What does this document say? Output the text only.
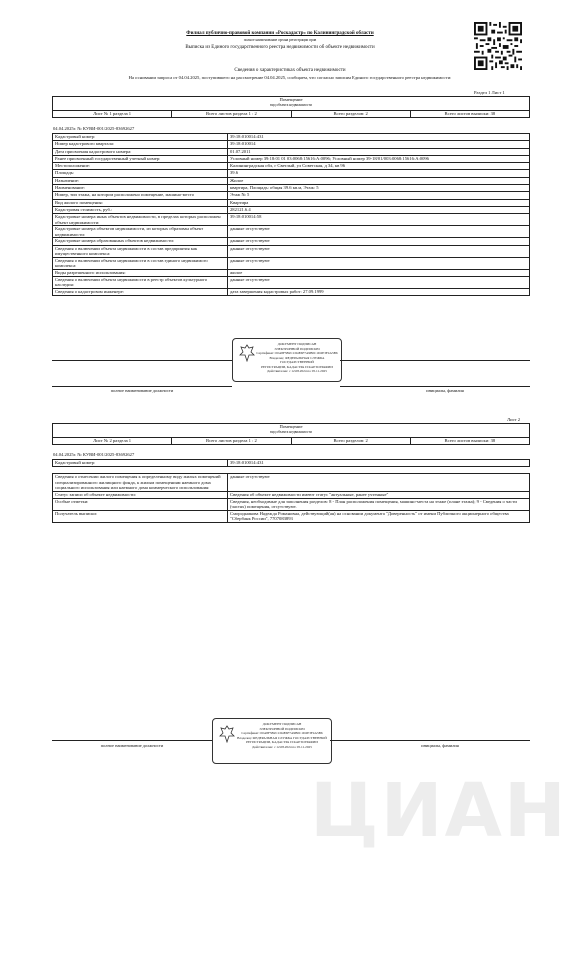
ЦИАН
Филиал публично-правовой компании «Роскадастр» по Калининградской области
полное наименование органа регистрации прав
Выписка из Единого государственного реестра недвижимости об объекте недвижимости
Сведения о характеристиках объекта недвижимости
На основании запроса от 04.04.2025, поступившего на рассмотрение 04.04.2025, сообщаем, что согласно записям Единого государственного реестра недвижимости:
Раздел 1 Лист 1
Помещение
вид объекта недвижимости
Лист № 1 раздела 1	Всего листов раздела 1 : 2	Всего разделов: 2	Всего листов выписки: 38
04.04.2025г. № КУВИ-001/2025-83692627
Кадастровый номер:	39:18:010014:431
Номер кадастрового квартала:	39:18:010014
Дата присвоения кадастрового номера:	01.07.2011
Ранее присвоенный государственный учетный номер:	Условный номер 39:18:01 01 03:0068:15616:А:0096; Условный номер 39-18/01/003:0068:15616:А:0096
Местоположение:	Калининградская обл, г Светлый, ул Советская, д 34, кв 96
Площадь:	39.6
Назначение:	Жилое
Наименование:	квартира, Площадь: общая 39.6 кв.м, Этаж: 5
Номер, тип этажа, на котором расположено помещение, машино-место	Этаж № 5
Вид жилого помещения:	Квартира
Кадастровая стоимость, руб.:	282121.6.4
Кадастровые номера иных объектов недвижимости, в пределах которых расположен объект недвижимости:	39:18:010014:58
Кадастровые номера объектов недвижимости, из которых образован объект недвижимости:	данные отсутствуют
Кадастровые номера образованных объектов недвижимости:	данные отсутствуют
Сведения о включении объекта недвижимости в состав предприятия как имущественного комплекса:	данные отсутствуют
Сведения о включении объекта недвижимости в состав единого недвижимого комплекса:	данные отсутствуют
Виды разрешенного использования:	жилое
Сведения о включении объекта недвижимости в реестр объектов культурного наследия:	данные отсутствуют
Сведения о кадастровом инженере:	дата завершения кадастровых работ: 27.09.1999
ДОКУМЕНТ ПОДПИСАН
ЭЛЕКТРОННОЙ ПОДПИСЬЮ
Сертификат: 00A8F5B2C1D4E6F7A9B0C1D2E3F4A5B6
Владелец: ФЕДЕРАЛЬНАЯ СЛУЖБА ГОСУДАРСТВЕННОЙ
РЕГИСТРАЦИИ, КАДАСТРА И КАРТОГРАФИИ
Действителен: с 12.08.2024 по 05.11.2025
полное наименование должности	инициалы, фамилия
Лист 2
Помещение
вид объекта недвижимости
Лист № 2 раздела 1	Всего листов раздела 1 : 2	Всего разделов: 2	Всего листов выписки: 38
04.04.2025г. № КУВИ-001/2025-83692627
Кадастровый номер:	39:18:010014:431
Сведения о отнесении жилого помещения к определенному виду жилых помещений специализированного жилищного фонда, к жилым помещениям наемного дома социального использования или наемного дома коммерческого использования:	данные отсутствуют
Статус записи об объекте недвижимости:	Сведения об объекте недвижимости имеют статус "актуальные, ранее учтенные"
Особые отметки:	Сведения, необходимые для заполнения разделов: 8 - План расположения помещения, машино-места на этаже (плане этажа); 9 - Сведения о части (частях) помещения, отсутствуют.
Получатель выписки:	Смородникова Надежда Романовна, действующий(ая) на основании документа "Доверенность" от имени Публичного акционерного общества "Сбербанк России", 7707083893
ДОКУМЕНТ ПОДПИСАН
ЭЛЕКТРОННОЙ ПОДПИСЬЮ
Сертификат: 00A8F5B2C1D4E6F7A9B0C1D2E3F4A5B6
Владелец: ФЕДЕРАЛЬНАЯ СЛУЖБА ГОСУДАРСТВЕННОЙ
РЕГИСТРАЦИИ, КАДАСТРА И КАРТОГРАФИИ
Действителен: с 12.08.2024 по 05.11.2025
полное наименование должности	инициалы, фамилия
